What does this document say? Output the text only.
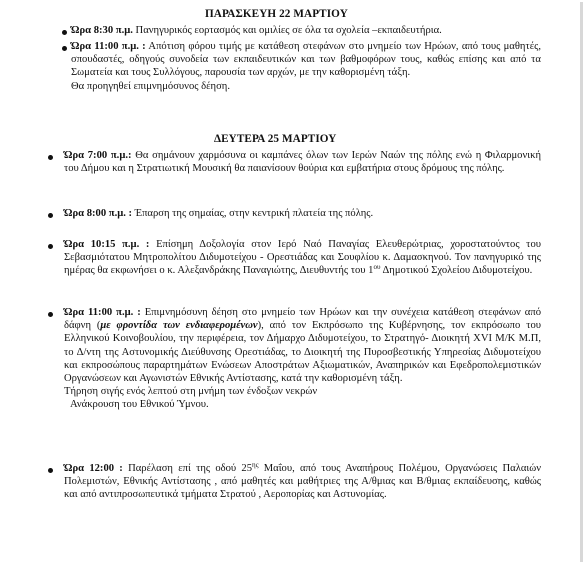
ΠΑΡΑΣΚΕΥΗ 22 ΜΑΡΤΙΟΥ

Ώρα 8:30 π.μ. Πανηγυρικός εορτασμός και ομιλίες σε όλα τα σχολεία –εκπαιδευτήρια.

Ώρα 11:00 π.μ. : Απότιση φόρου τιμής με κατάθεση στεφάνων στο μνημείο των Ηρώων, από τους μαθητές, σπουδαστές, οδηγούς συνοδεία των εκπαιδευτικών και των βαθμοφόρων τους, καθώς επίσης και από τα Σωματεία και τους Συλλόγους, παρουσία των αρχών, με την καθορισμένη τάξη.

Θα προηγηθεί επιμνημόσυνος δέηση.

ΔΕΥΤΕΡΑ 25 ΜΑΡΤΙΟΥ

Ώρα 7:00 π.μ.: Θα σημάνουν χαρμόσυνα οι καμπάνες όλων των Ιερών Ναών της πόλης ενώ η Φιλαρμονική του Δήμου και η Στρατιωτική Μουσική θα παιανίσουν θούρια και εμβατήρια στους δρόμους της πόλης.

Ώρα 8:00 π.μ. : Έπαρση της σημαίας, στην κεντρική πλατεία της πόλης.

Ώρα 10:15 π.μ. : Επίσημη Δοξολογία στον Ιερό Ναό Παναγίας Ελευθερώτριας, χοροστατούντος του Σεβασμιότατου Μητροπολίτου Διδυμοτείχου - Ορεστιάδας και Σουφλίου κ. Δαμασκηνού. Τον πανηγυρικό της ημέρας θα εκφωνήσει ο κ. Αλεξανδράκης Παναγιώτης, Διευθυντής του $1^{o\upsilon}$ Δημοτικού Σχολείου Διδυμοτείχου.

Ώρα 11:00 π.μ. : Επιμνημόσυνη δέηση στο μνημείο των Ηρώων και την συνέχεια κατάθεση στεφάνων από δάφνη (με φροντίδα των ενδιαφερομένων), από τον Εκπρόσωπο της Κυβέρνησης, τον εκπρόσωπο του Ελληνικού Κοινοβουλίου, την περιφέρεια, τον Δήμαρχο Διδυμοτείχου, το Στρατηγό- Διοικητή XVI Μ/Κ Μ.Π, το Δ/ντη της Αστυνομικής Διεύθυνσης Ορεστιάδας, το Διοικητή της Πυροσβεστικής Υπηρεσίας Διδυμοτείχου και εκπροσώπους παραρτημάτων Ενώσεων Αποστράτων Αξιωματικών, Αναπηρικών και Εφεδροπολεμιστικών Οργανώσεων και Αγωνιστών Εθνικής Αντίστασης, κατά την καθορισμένη τάξη.

Τήρηση σιγής ενός λεπτού στη μνήμη των ένδοξων νεκρών

Ανάκρουση του Εθνικού Ύμνου.

Ώρα 12:00 : Παρέλαση επί της οδού $25^{\eta\varsigma}$ Μαΐου, από τους Αναπήρους Πολέμου, Οργανώσεις Παλαιών Πολεμιστών, Εθνικής Αντίστασης , από μαθητές και μαθήτριες της Α/θμιας και Β/θμιας εκπαίδευσης, καθώς και από αντιπροσωπευτικά τμήματα Στρατού , Αεροπορίας και Αστυνομίας.
